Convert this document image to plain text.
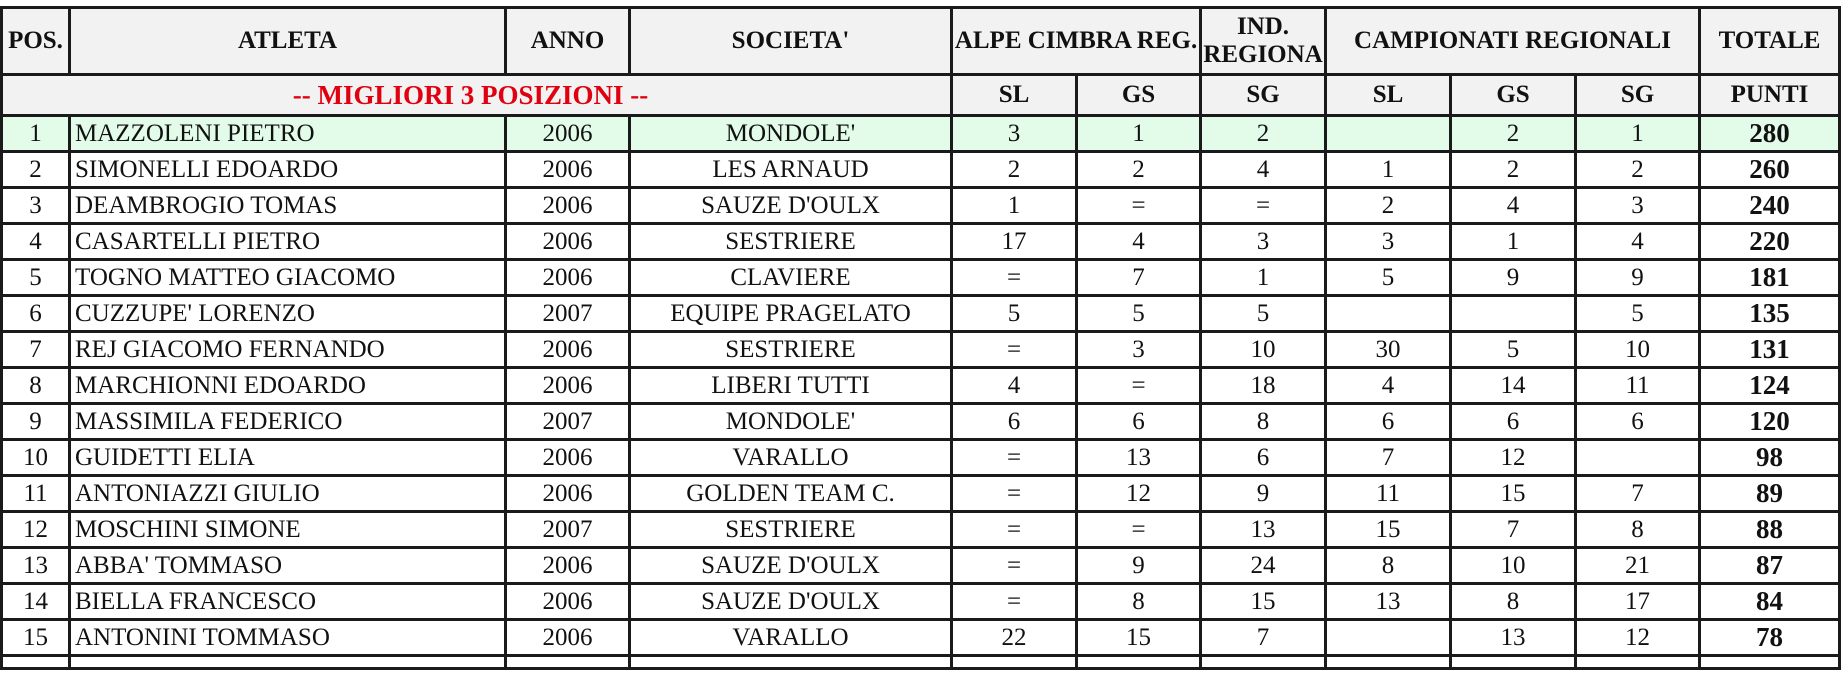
POS.	ATLETA	ANNO	SOCIETA'	ALPE CIMBRA REG.		IND. REGIONA	CAMPIONATI REGIONALI			TOTALE
-- MIGLIORI 3 POSIZIONI --				SL	GS	SG	SL	GS	SG	PUNTI
1	MAZZOLENI PIETRO	2006	MONDOLE'	3	1	2		2	1	280
2	SIMONELLI EDOARDO	2006	LES ARNAUD	2	2	4	1	2	2	260
3	DEAMBROGIO TOMAS	2006	SAUZE D'OULX	1	=	=	2	4	3	240
4	CASARTELLI PIETRO	2006	SESTRIERE	17	4	3	3	1	4	220
5	TOGNO MATTEO GIACOMO	2006	CLAVIERE	=	7	1	5	9	9	181
6	CUZZUPE' LORENZO	2007	EQUIPE PRAGELATO	5	5	5			5	135
7	REJ GIACOMO FERNANDO	2006	SESTRIERE	=	3	10	30	5	10	131
8	MARCHIONNI EDOARDO	2006	LIBERI TUTTI	4	=	18	4	14	11	124
9	MASSIMILA FEDERICO	2007	MONDOLE'	6	6	8	6	6	6	120
10	GUIDETTI ELIA	2006	VARALLO	=	13	6	7	12		98
11	ANTONIAZZI GIULIO	2006	GOLDEN TEAM C.	=	12	9	11	15	7	89
12	MOSCHINI SIMONE	2007	SESTRIERE	=	=	13	15	7	8	88
13	ABBA' TOMMASO	2006	SAUZE D'OULX	=	9	24	8	10	21	87
14	BIELLA FRANCESCO	2006	SAUZE D'OULX	=	8	15	13	8	17	84
15	ANTONINI TOMMASO	2006	VARALLO	22	15	7		13	12	78
